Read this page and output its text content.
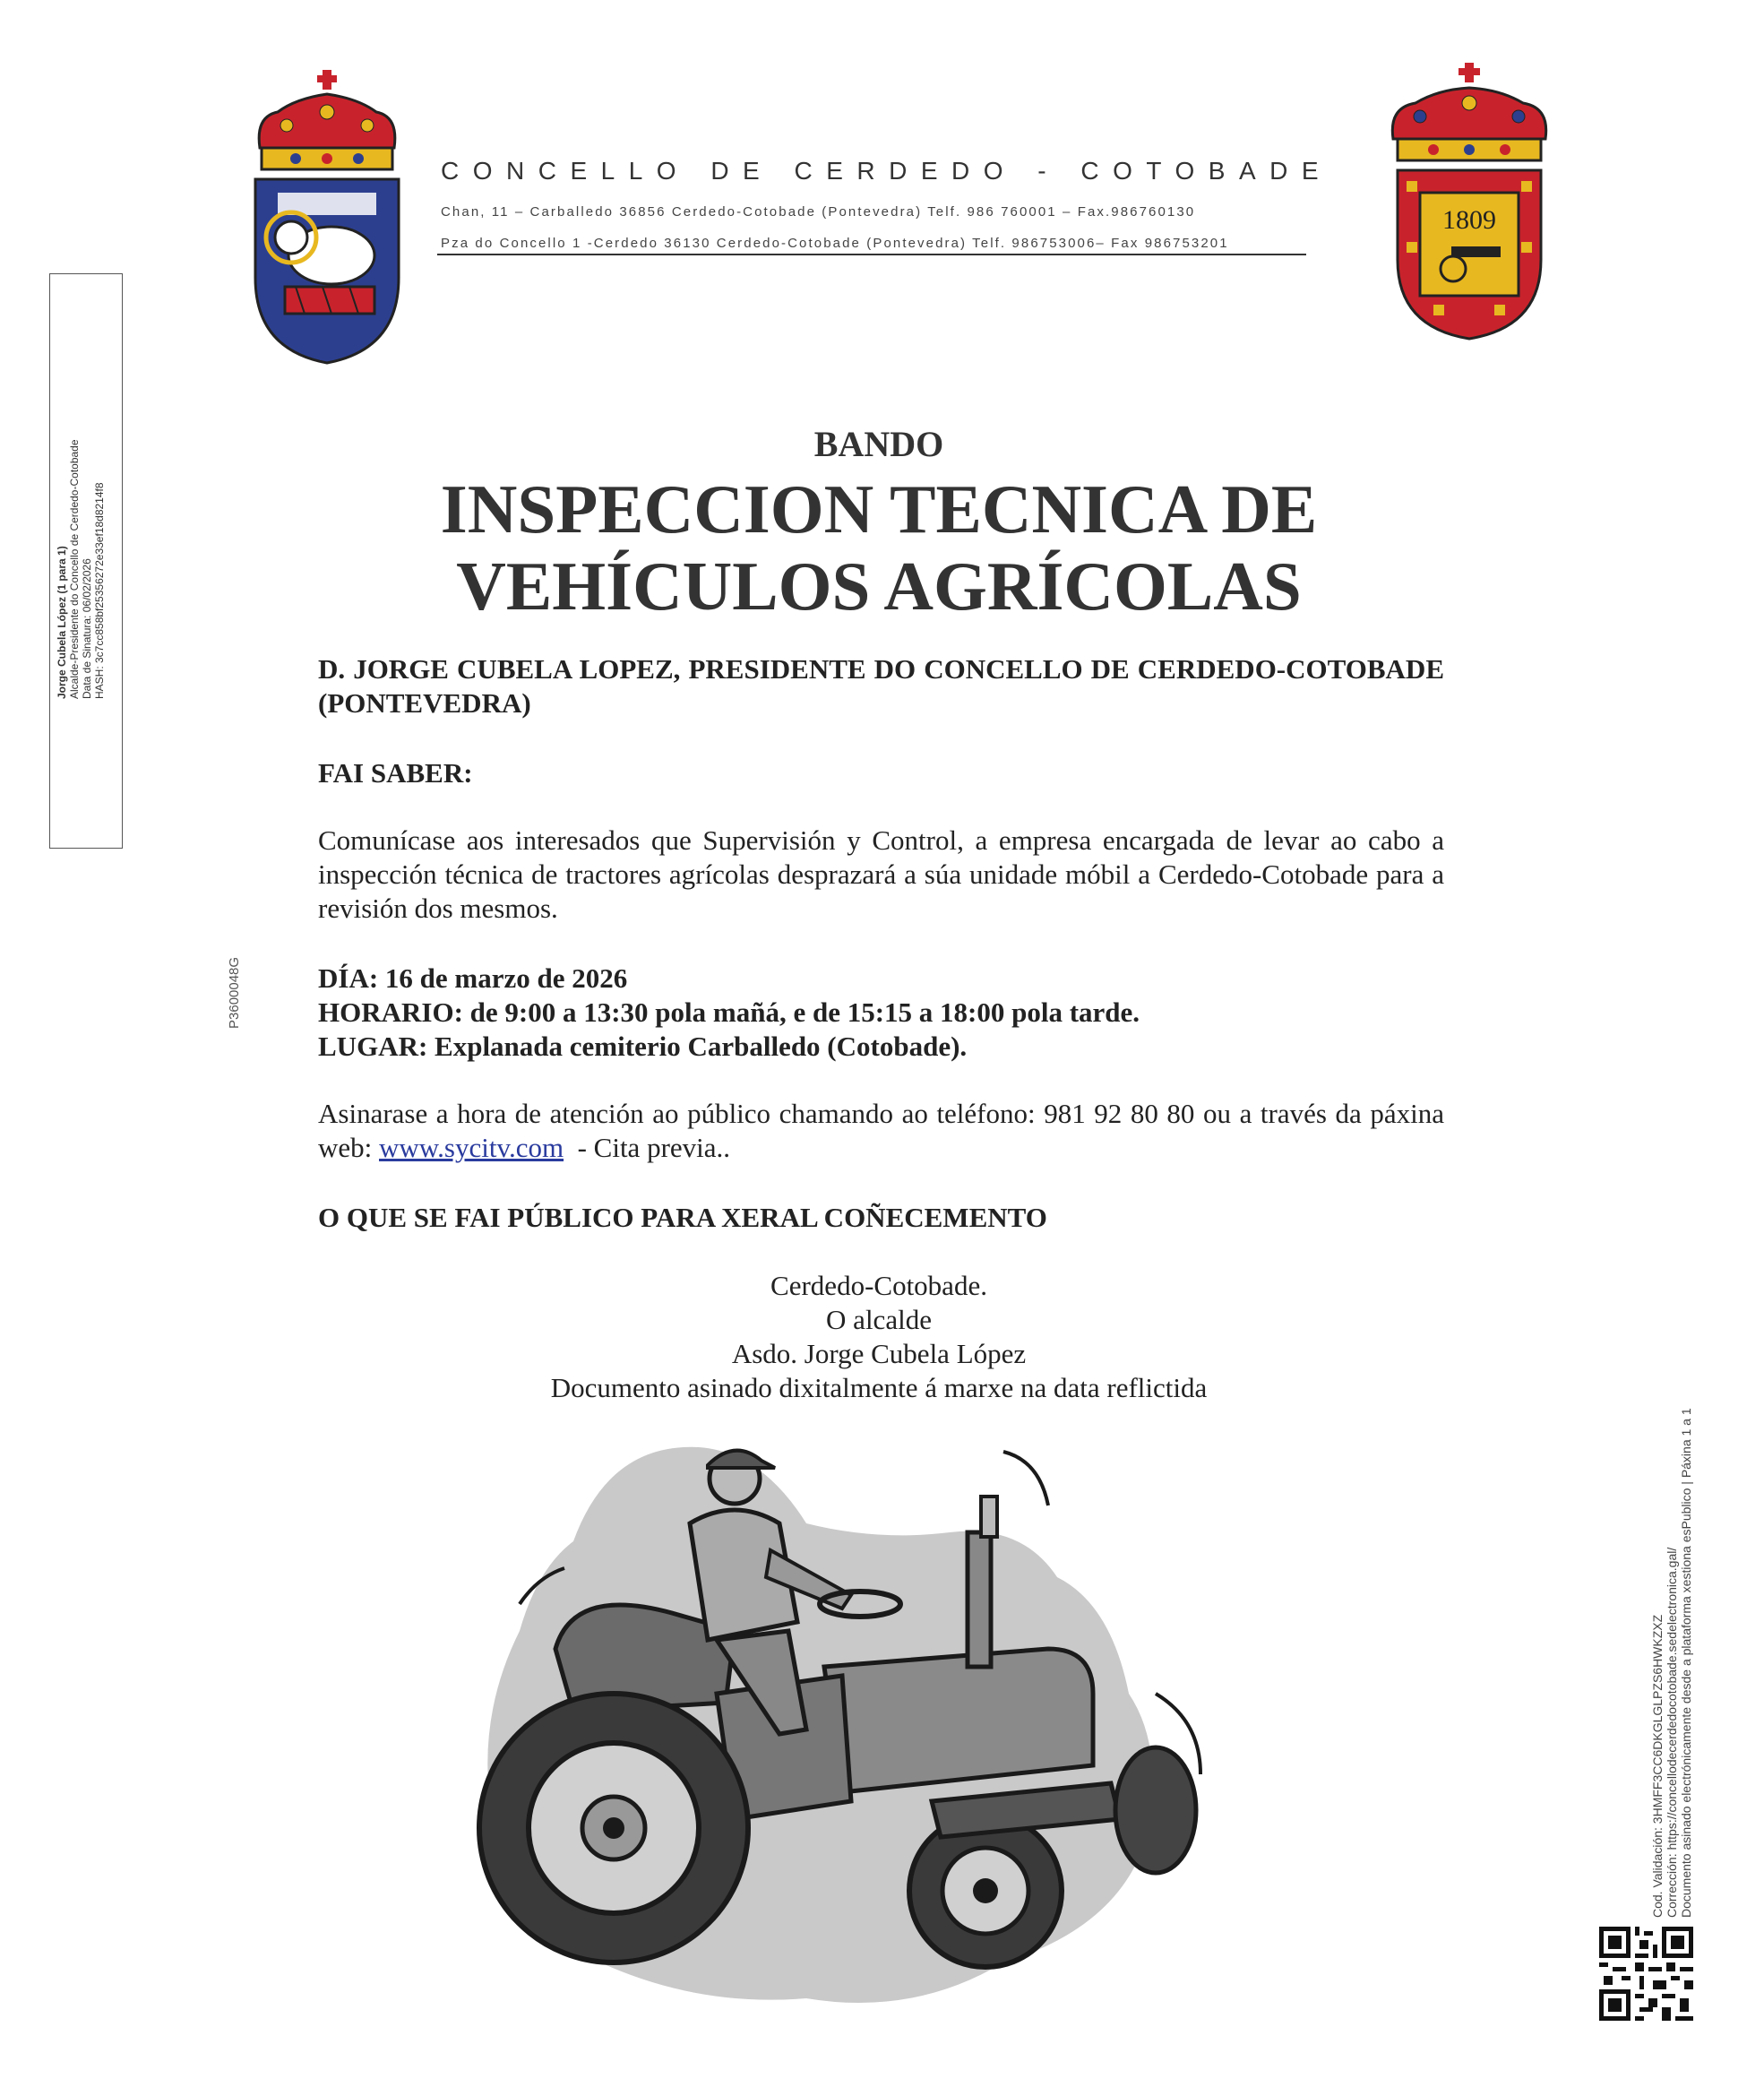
1809
CONCELLO DE CERDEDO - COTOBADE
Chan, 11 – Carballedo 36856 Cerdedo-Cotobade (Pontevedra) Telf. 986 760001 – Fax.986760130
Pza do Concello 1 -Cerdedo 36130 Cerdedo-Cotobade (Pontevedra) Telf. 986753006– Fax 986753201
Jorge Cubela López (1 para 1) Alcalde-Presidente do Concello de Cerdedo-Cotobade Data de Sinatura: 06/02/2026 HASH: 3c7cc858bf25356272e33ef18d8214f8
P3600048G
Cod. Validación: 3HMFF3CC6DKGLGLPZS6HWKZXZ Corrección: https://concellodecerdedocotobade.sedelectronica.gal/ Documento asinado electrónicamente desde a plataforma xestiona esPublico | Páxina 1 a 1
BANDO
INSPECCION TECNICA DE
VEHÍCULOS AGRÍCOLAS
D. JORGE CUBELA LOPEZ, PRESIDENTE DO CONCELLO DE CERDEDO-COTOBADE (PONTEVEDRA)
FAI SABER:
Comunícase aos interesados que Supervisión y Control, a empresa encargada de levar ao cabo a inspección técnica de tractores agrícolas desprazará a súa unidade móbil a Cerdedo-Cotobade para a revisión dos mesmos.
DÍA: 16 de marzo de 2026
HORARIO: de 9:00 a 13:30 pola mañá, e de 15:15 a 18:00 pola tarde.
LUGAR: Explanada cemiterio Carballedo (Cotobade).
Asinarase a hora de atención ao público chamando ao teléfono: 981 92 80 80 ou a través da páxina web: www.sycitv.com  - Cita previa..
O QUE SE FAI PÚBLICO PARA XERAL COÑECEMENTO
Cerdedo-Cotobade.
O alcalde
Asdo. Jorge Cubela López
Documento asinado dixitalmente á marxe na data reflictida
